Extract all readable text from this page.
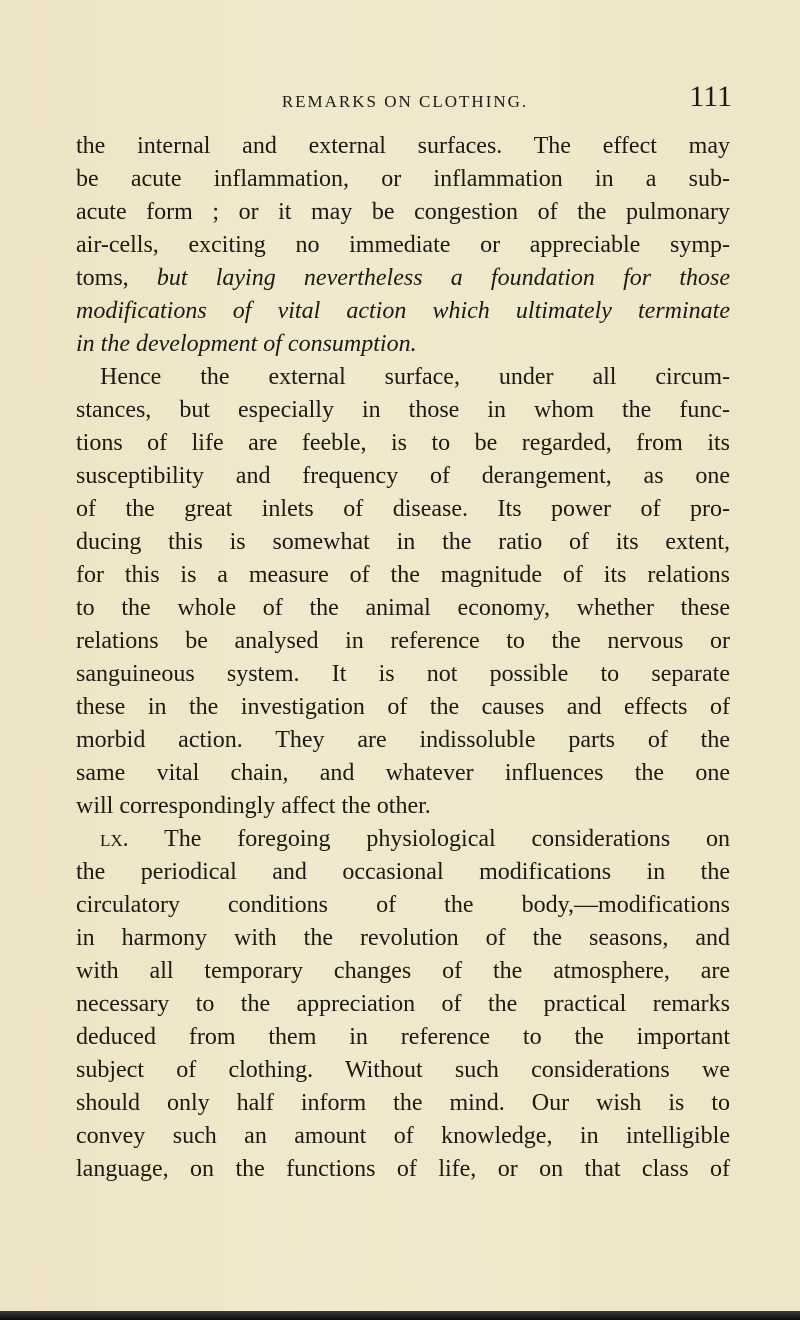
REMARKS ON CLOTHING.	111
the internal and external surfaces. The effect may
be acute inflammation, or inflammation in a sub-
acute form ; or it may be congestion of the pulmonary
air-cells, exciting no immediate or appreciable symp-
toms, but laying nevertheless a foundation for those
modifications of vital action which ultimately terminate
in the development of consumption.
Hence the external surface, under all circum-
stances, but especially in those in whom the func-
tions of life are feeble, is to be regarded, from its
susceptibility and frequency of derangement, as one
of the great inlets of disease. Its power of pro-
ducing this is somewhat in the ratio of its extent,
for this is a measure of the magnitude of its relations
to the whole of the animal economy, whether these
relations be analysed in reference to the nervous or
sanguineous system. It is not possible to separate
these in the investigation of the causes and effects of
morbid action. They are indissoluble parts of the
same vital chain, and whatever influences the one
will correspondingly affect the other.
lx. The foregoing physiological considerations on
the periodical and occasional modifications in the
circulatory conditions of the body,—modifications
in harmony with the revolution of the seasons, and
with all temporary changes of the atmosphere, are
necessary to the appreciation of the practical remarks
deduced from them in reference to the important
subject of clothing. Without such considerations we
should only half inform the mind. Our wish is to
convey such an amount of knowledge, in intelligible
language, on the functions of life, or on that class of
